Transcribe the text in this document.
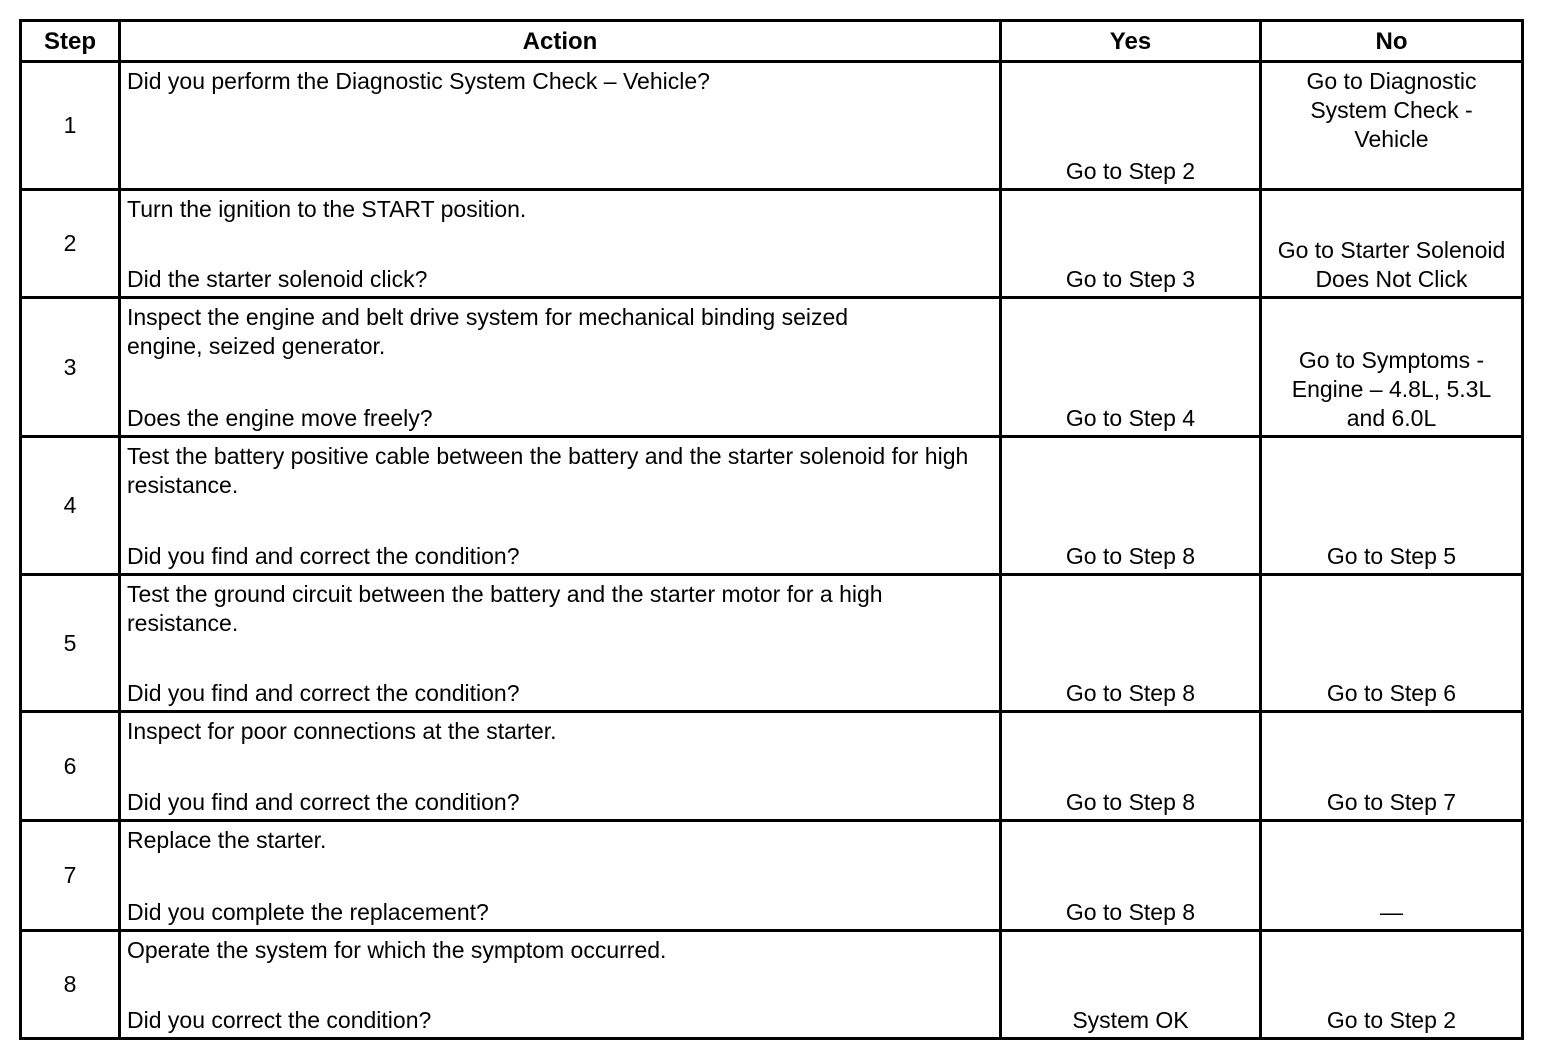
Step	Action	Yes	No
1	Did you perform the Diagnostic System Check – Vehicle?	Go to Step 2	Go to Diagnostic System Check - Vehicle
2	Turn the ignition to the START position.
Did the starter solenoid click?	Go to Step 3	Go to Starter Solenoid Does Not Click
3	Inspect the engine and belt drive system for mechanical binding seized engine, seized generator.
Does the engine move freely?	Go to Step 4	Go to Symptoms - Engine – 4.8L, 5.3L and 6.0L
4	Test the battery positive cable between the battery and the starter solenoid for high resistance.
Did you find and correct the condition?	Go to Step 8	Go to Step 5
5	Test the ground circuit between the battery and the starter motor for a high resistance.
Did you find and correct the condition?	Go to Step 8	Go to Step 6
6	Inspect for poor connections at the starter.
Did you find and correct the condition?	Go to Step 8	Go to Step 7
7	Replace the starter.
Did you complete the replacement?	Go to Step 8	—
8	Operate the system for which the symptom occurred.
Did you correct the condition?	System OK	Go to Step 2
